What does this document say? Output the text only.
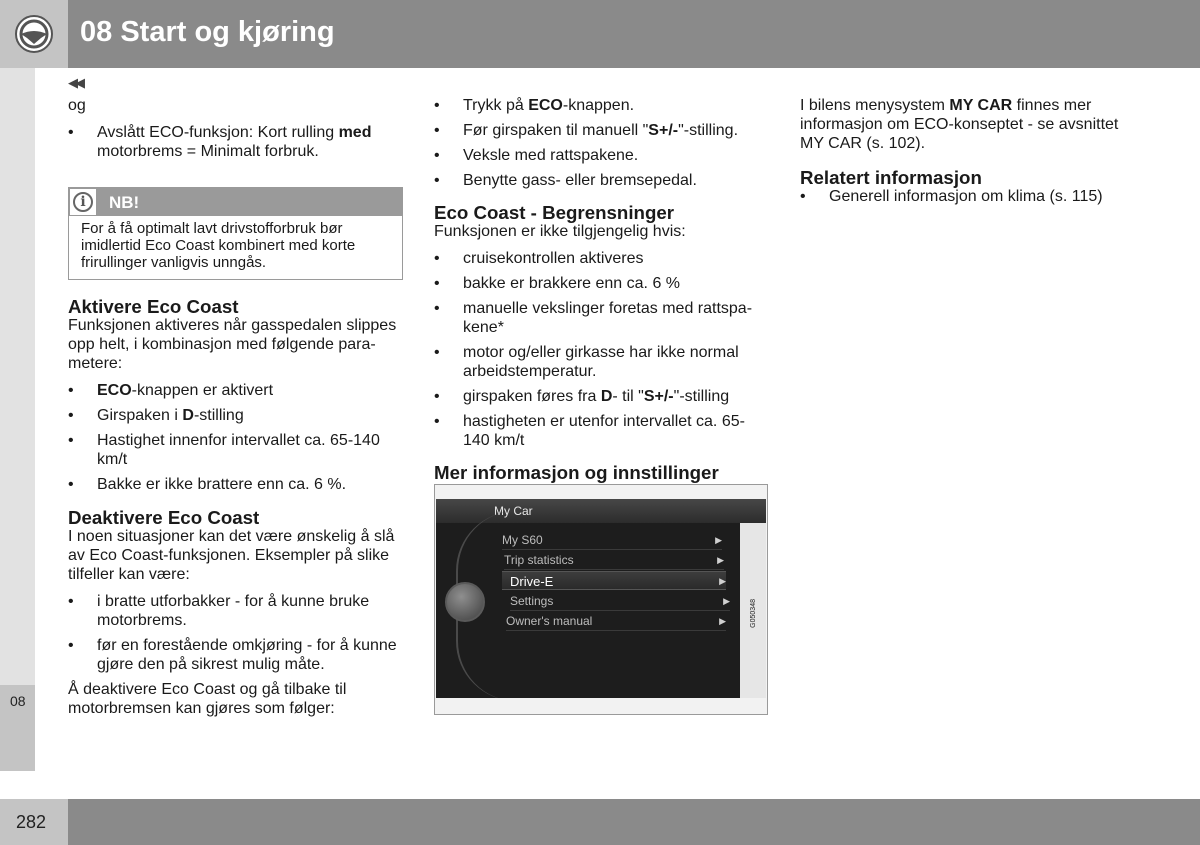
08 Start og kjøring
08
◀◀

og

• Avslått ECO-funksjon: Kort rulling med motorbrems = Minimalt forbruk.
i	NB!
For å få optimalt lavt drivstofforbruk bør imidlertid Eco Coast kombinert med korte frirullinger vanligvis unngås.
Aktivere Eco Coast

Funksjonen aktiveres når gasspedalen slippes opp helt, i kombinasjon med følgende parametere:

• ECO-knappen er aktivert
• Girspaken i D-stilling
• Hastighet innenfor intervallet ca. 65-140 km/t
• Bakke er ikke brattere enn ca. 6 %.
Deaktivere Eco Coast

I noen situasjoner kan det være ønskelig å slå av Eco Coast-funksjonen. Eksempler på slike tilfeller kan være:

• i bratte utforbakker - for å kunne bruke motorbrems.
• før en forestående omkjøring - for å kunne gjøre den på sikrest mulig måte.

Å deaktivere Eco Coast og gå tilbake til motorbremsen kan gjøres som følger:

• Trykk på ECO-knappen.
• Før girspaken til manuell "S+/-"-stilling.
• Veksle med rattspakene.
• Benytte gass- eller bremsepedal.
Eco Coast - Begrensninger

Funksjonen er ikke tilgjengelig hvis:

• cruisekontrollen aktiveres
• bakke er brakkere enn ca. 6 %
• manuelle vekslinger foretas med rattspakene*
• motor og/eller girkasse har ikke normal arbeidstemperatur.
• girspaken føres fra D- til "S+/-"-stilling
• hastigheten er utenfor intervallet ca. 65-140 km/t
Mer informasjon og innstillinger
My Car
My S60	▶
Trip statistics	▶
Drive-E	▶
Settings	▶
Owner's manual	▶	G050348

I bilens menysystem MY CAR finnes mer informasjon om ECO-konseptet - se avsnittet MY CAR (s. 102).

Relatert informasjon
• Generell informasjon om klima (s. 115)
282
